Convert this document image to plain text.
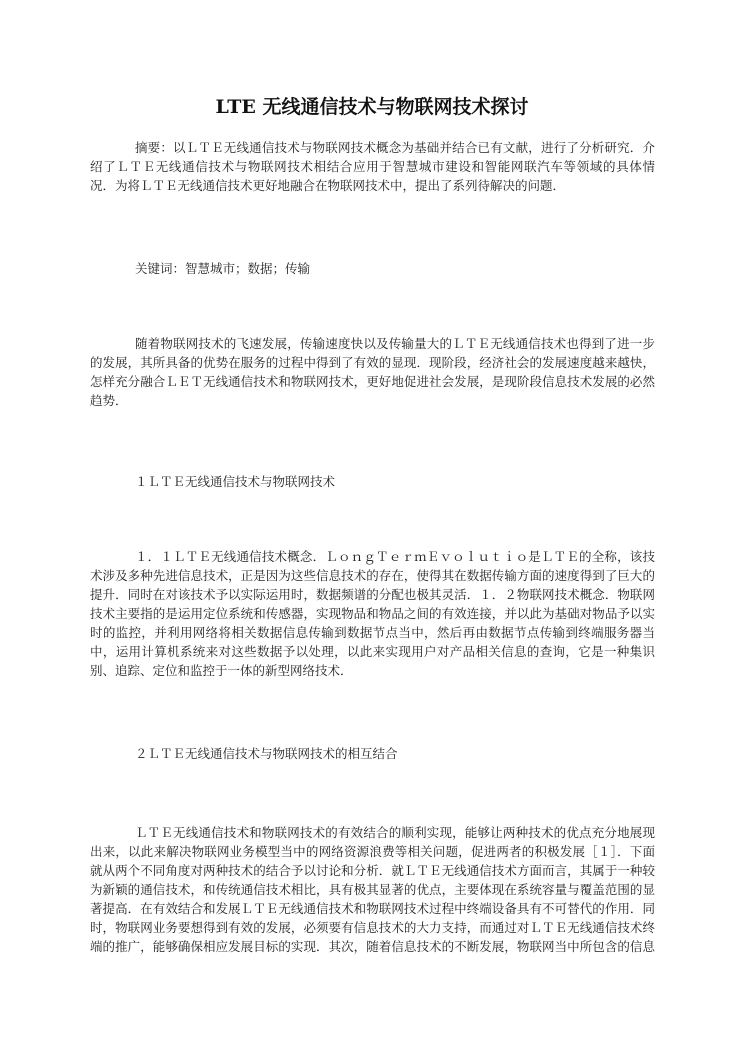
LTE 无线通信技术与物联网技术探讨
摘要：以ＬＴＥ无线通信技术与物联网技术概念为基础并结合已有文献，进行了分析研究．介
绍了ＬＴＥ无线通信技术与物联网技术相结合应用于智慧城市建设和智能网联汽车等领域的具体情
况．为将ＬＴＥ无线通信技术更好地融合在物联网技术中，提出了系列待解决的问题．
关键词：智慧城市；数据；传输
随着物联网技术的飞速发展，传输速度快以及传输量大的ＬＴＥ无线通信技术也得到了进一步
的发展，其所具备的优势在服务的过程中得到了有效的显现．现阶段，经济社会的发展速度越来越快，
怎样充分融合ＬＥＴ无线通信技术和物联网技术，更好地促进社会发展，是现阶段信息技术发展的必然
趋势．
１ＬＴＥ无线通信技术与物联网技术
１．１ＬＴＥ无线通信技术概念．ＬｏｎｇＴｅｒｍＥｖｏｌｕｔｉｏ是ＬＴＥ的全称，该技
术涉及多种先进信息技术，正是因为这些信息技术的存在，使得其在数据传输方面的速度得到了巨大的
提升．同时在对该技术予以实际运用时，数据频谱的分配也极其灵活．１．２物联网技术概念．物联网
技术主要指的是运用定位系统和传感器，实现物品和物品之间的有效连接，并以此为基础对物品予以实
时的监控，并利用网络将相关数据信息传输到数据节点当中，然后再由数据节点传输到终端服务器当
中，运用计算机系统来对这些数据予以处理，以此来实现用户对产品相关信息的查询，它是一种集识
别、追踪、定位和监控于一体的新型网络技术．
２ＬＴＥ无线通信技术与物联网技术的相互结合
ＬＴＥ无线通信技术和物联网技术的有效结合的顺利实现，能够让两种技术的优点充分地展现
出来，以此来解决物联网业务模型当中的网络资源浪费等相关问题，促进两者的积极发展［１］．下面
就从两个不同角度对两种技术的结合予以讨论和分析．就ＬＴＥ无线通信技术方面而言，其属于一种较
为新颖的通信技术，和传统通信技术相比，具有极其显著的优点，主要体现在系统容量与覆盖范围的显
著提高．在有效结合和发展ＬＴＥ无线通信技术和物联网技术过程中终端设备具有不可替代的作用．同
时，物联网业务要想得到有效的发展，必须要有信息技术的大力支持，而通过对ＬＴＥ无线通信技术终
端的推广，能够确保相应发展目标的实现．其次，随着信息技术的不断发展，物联网当中所包含的信息
